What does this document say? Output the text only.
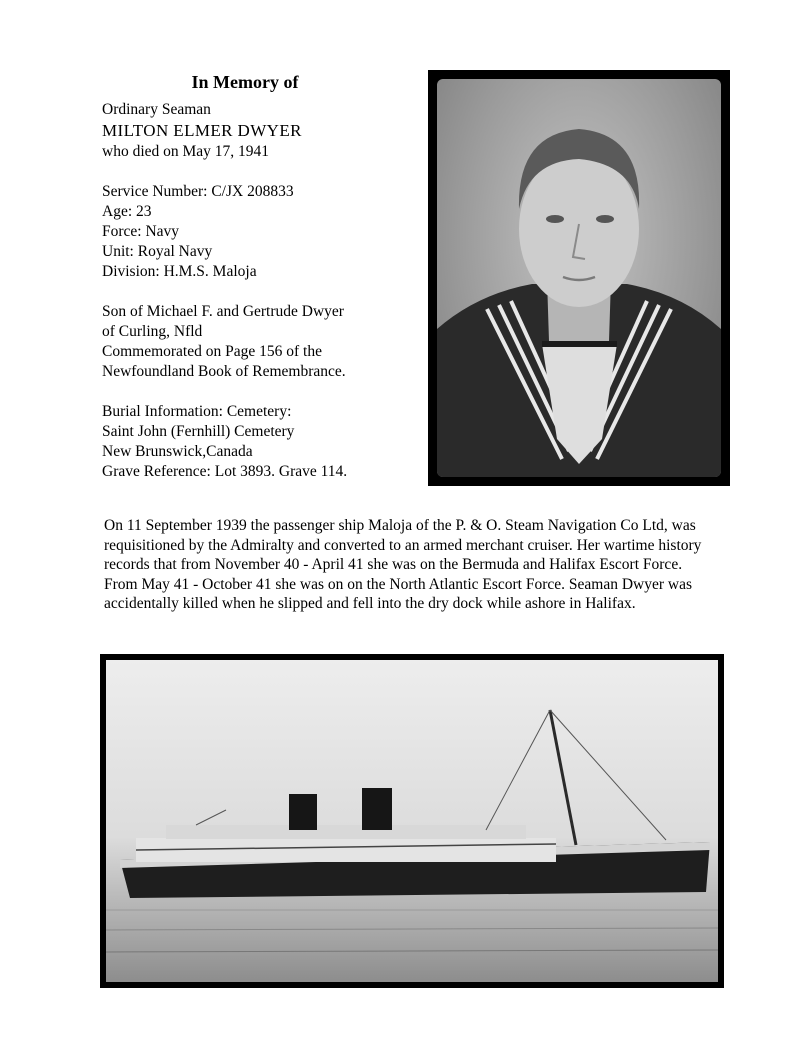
In Memory of
Ordinary Seaman
MILTON ELMER DWYER
who died on May 17, 1941
Service Number: C/JX 208833
Age: 23
Force: Navy
Unit: Royal Navy
Division: H.M.S. Maloja
Son of Michael F. and Gertrude Dwyer
of Curling, Nfld
Commemorated on Page 156 of the
Newfoundland Book of Remembrance.
Burial Information: Cemetery:
Saint John (Fernhill) Cemetery
New Brunswick,Canada
Grave Reference: Lot 3893. Grave 114.
On 11 September 1939 the passenger ship Maloja of the P. & O. Steam Navigation Co Ltd, was requisitioned by the Admiralty and converted to an armed merchant cruiser. Her wartime history records that from November 40 - April 41 she was on the Bermuda and Halifax Escort Force. From May 41 - October 41 she was on on the North Atlantic Escort Force. Seaman Dwyer was accidentally killed when he slipped and fell into the dry dock while ashore in Halifax.
